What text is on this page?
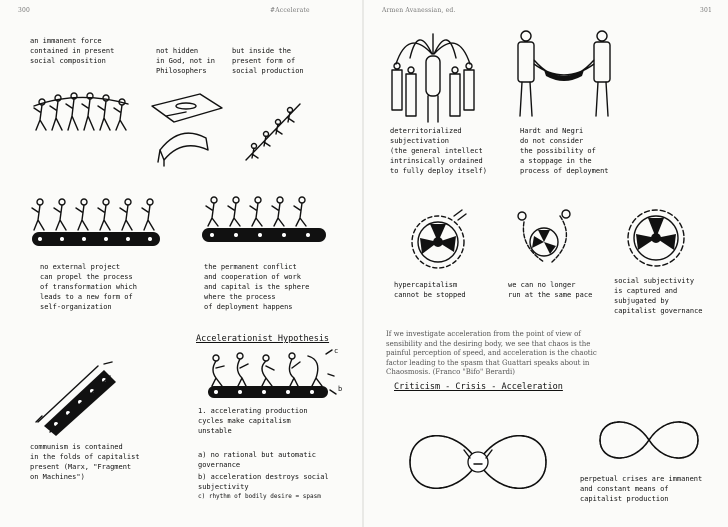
300	#Accelerate
an immanent force
contained in present
social composition
not hidden
in God, not in
Philosophers
but inside the
present form of
social production
no external project
can propel the process
of transformation which
leads to a new form of
self-organization
the permanent conflict
and cooperation of work
and capital is the sphere
where the process
of deployment happens
Accelerationist Hypothesis
c
b
communism is contained
in the folds of capitalist
present (Marx, "Fragment
on Machines")
1. accelerating production
cycles make capitalism
unstable
a) no rational but automatic
governance
b) acceleration destroys social
subjectivity
c) rhythm of bodily desire = spasm
Armen Avanessian, ed.	301
deterritorialized
subjectivation
(the general intellect
intrinsically ordained
to fully deploy itself)
Hardt and Negri
do not consider
the possibility of
a stoppage in the
process of deployment
hypercapitalism
cannot be stopped
we can no longer
run at the same pace
social subjectivity
is captured and
subjugated by
capitalist governance
If we investigate acceleration from the point of view of sensibility and the desiring body, we see that chaos is the painful perception of speed, and acceleration is the chaotic factor leading to the spasm that Guattari speaks about in Chaosmosis. (Franco "Bifo" Berardi)
Criticism - Crisis - Acceleration
perpetual crises are immanent
and constant means of
capitalist production
